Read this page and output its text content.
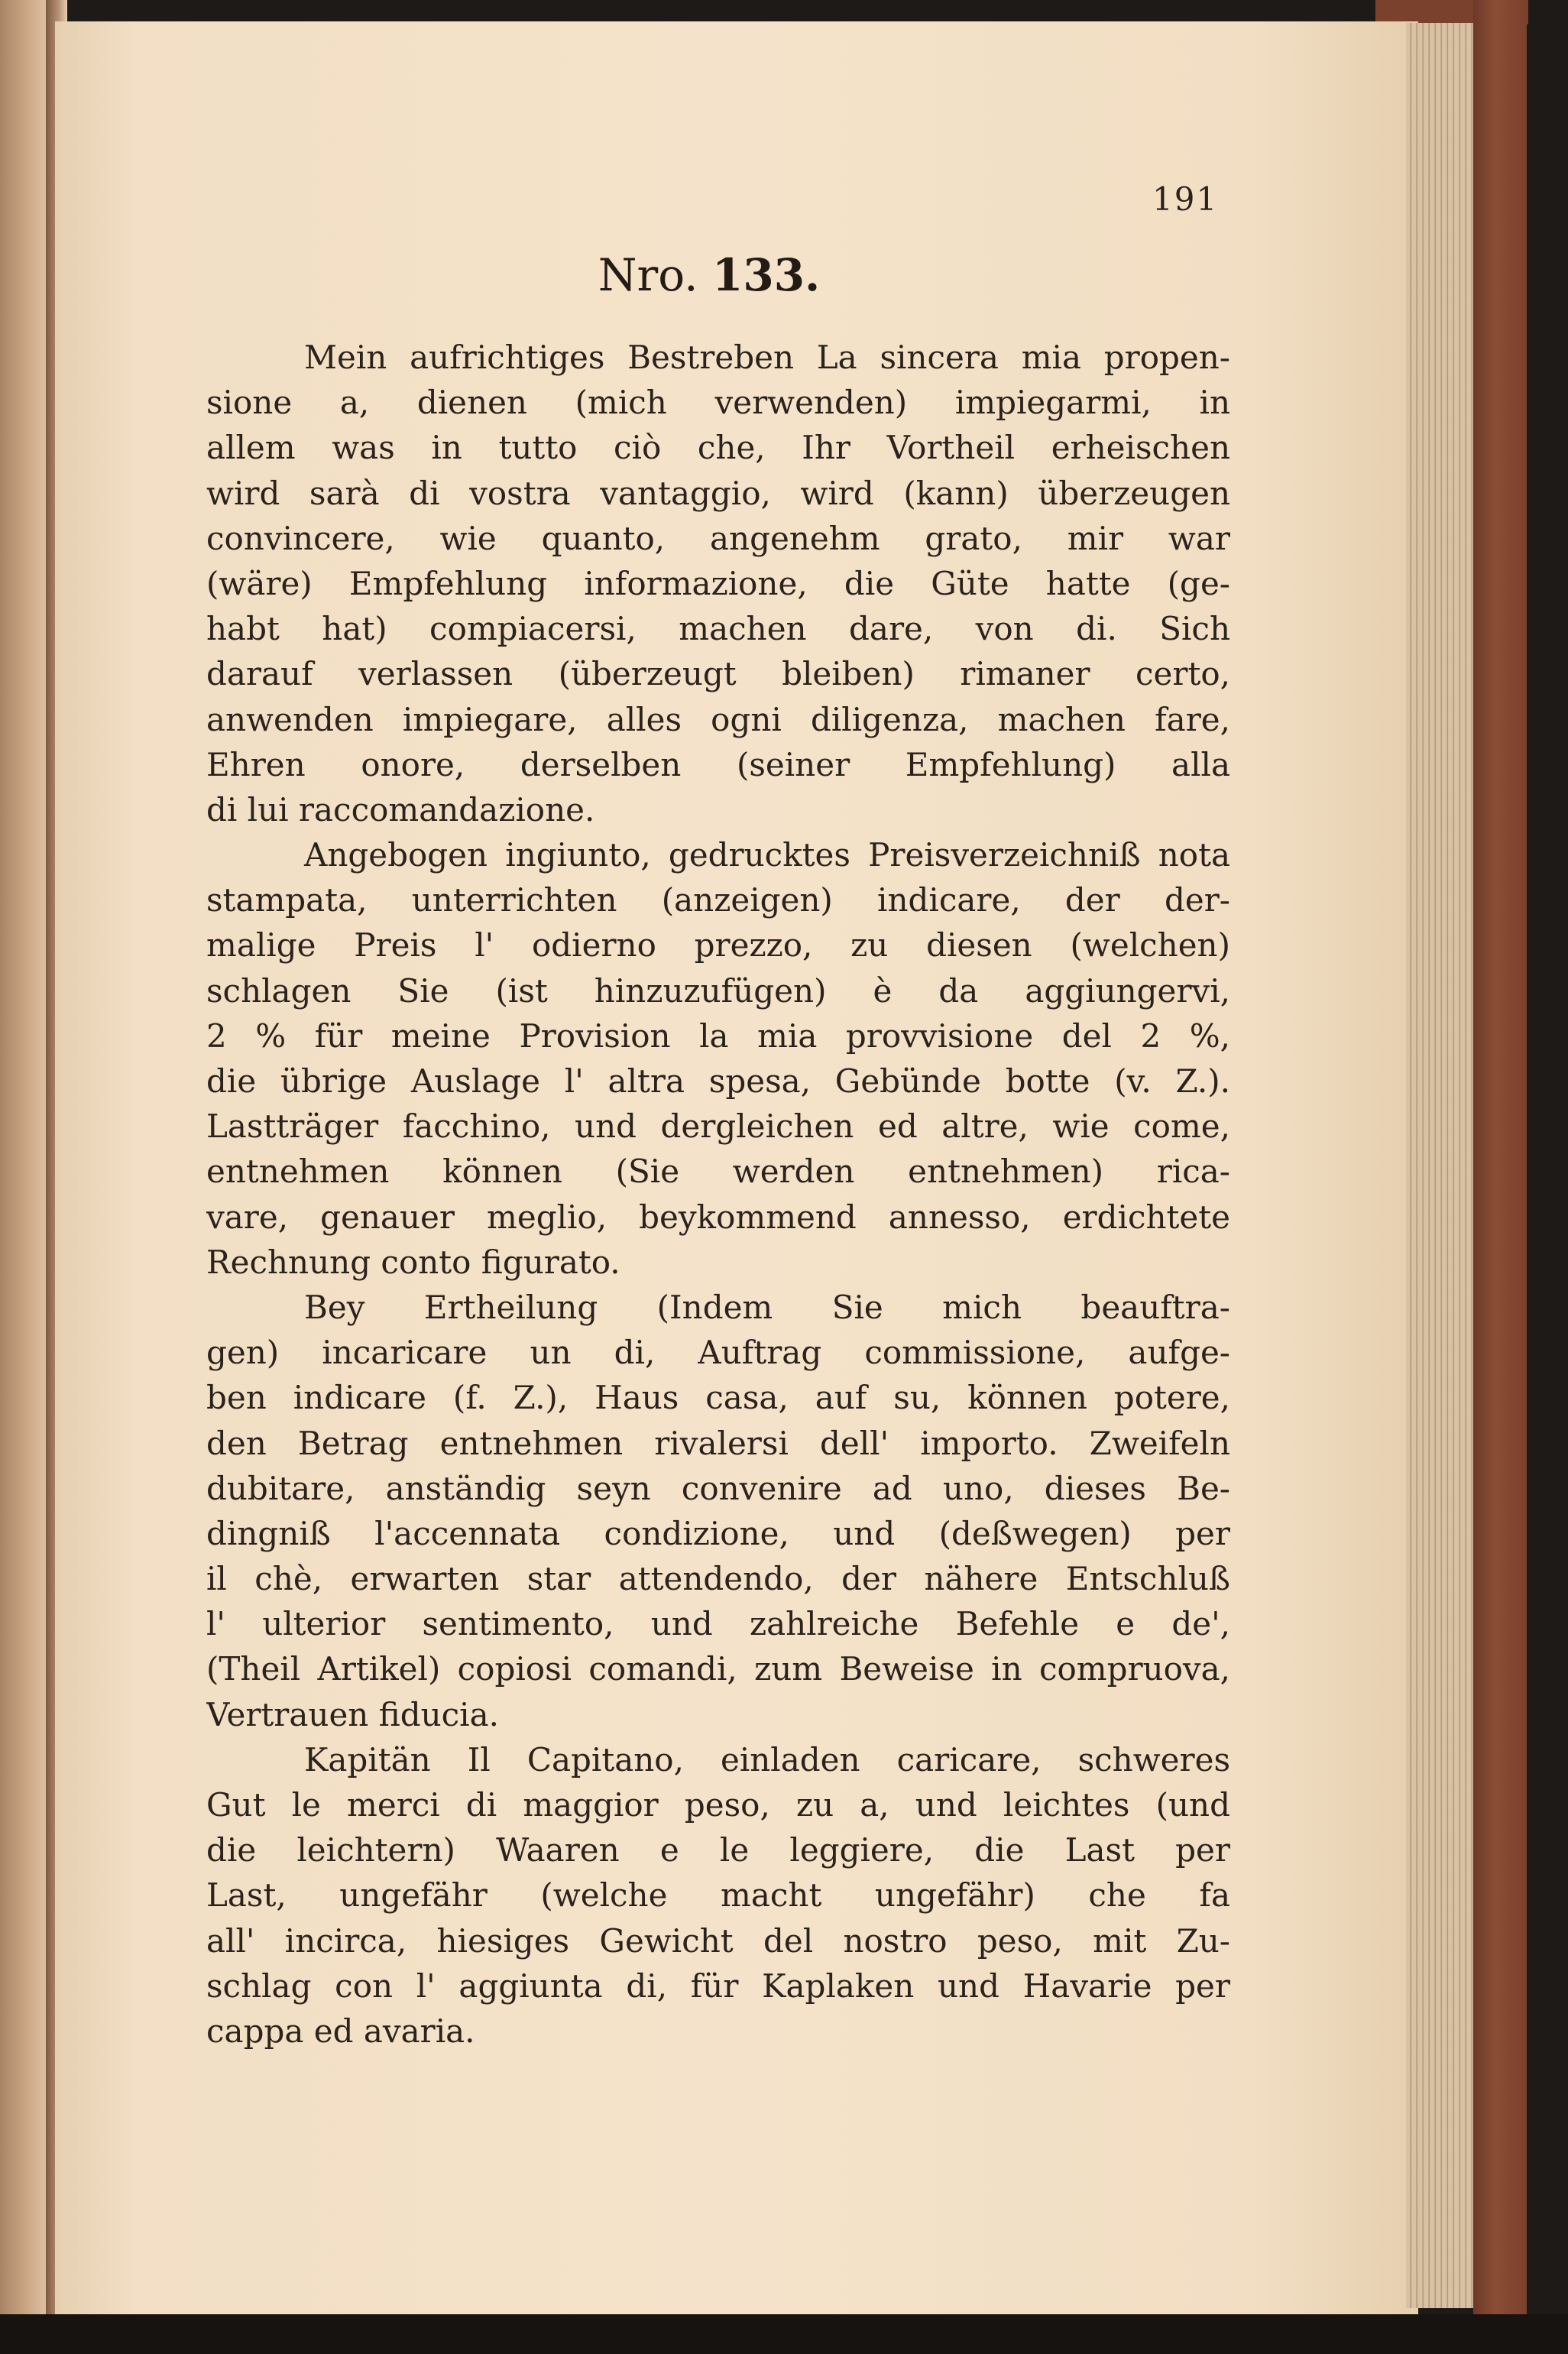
191
Nro. 133.
Mein aufrichtiges Bestreben La sincera mia propen-
sione a, dienen (mich verwenden) impiegarmi, in
allem was in tutto ciò che, Ihr Vortheil erheischen
wird sarà di vostra vantaggio, wird (kann) überzeugen
convincere, wie quanto, angenehm grato, mir war
(wäre) Empfehlung informazione, die Güte hatte (ge-
habt hat) compiacersi, machen dare, von di. Sich
darauf verlassen (überzeugt bleiben) rimaner certo,
anwenden impiegare, alles ogni diligenza, machen fare,
Ehren onore, derselben (seiner Empfehlung) alla
di lui raccomandazione.
Angebogen ingiunto, gedrucktes Preisverzeichniß nota
stampata, unterrichten (anzeigen) indicare, der der-
malige Preis l' odierno prezzo, zu diesen (welchen)
schlagen Sie (ist hinzuzufügen) è da aggiungervi,
2 % für meine Provision la mia provvisione del 2 %,
die übrige Auslage l' altra spesa, Gebünde botte (v. Z.).
Lastträger facchino, und dergleichen ed altre, wie come,
entnehmen können (Sie werden entnehmen) rica-
vare, genauer meglio, beykommend annesso, erdichtete
Rechnung conto figurato.
Bey Ertheilung (Indem Sie mich beauftra-
gen) incaricare un di, Auftrag commissione, aufge-
ben indicare (f. Z.), Haus casa, auf su, können potere,
den Betrag entnehmen rivalersi dell' importo. Zweifeln
dubitare, anständig seyn convenire ad uno, dieses Be-
dingniß l'accennata condizione, und (deßwegen) per
il chè, erwarten star attendendo, der nähere Entschluß
l' ulterior sentimento, und zahlreiche Befehle e de',
(Theil Artikel) copiosi comandi, zum Beweise in compruova,
Vertrauen fiducia.
Kapitän Il Capitano, einladen caricare, schweres
Gut le merci di maggior peso, zu a, und leichtes (und
die leichtern) Waaren e le leggiere, die Last per
Last, ungefähr (welche macht ungefähr) che fa
all' incirca, hiesiges Gewicht del nostro peso, mit Zu-
schlag con l' aggiunta di, für Kaplaken und Havarie per
cappa ed avaria.
